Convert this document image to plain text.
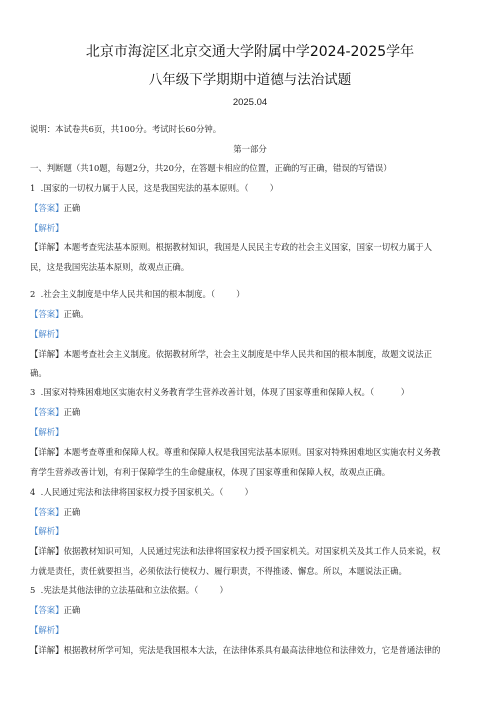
北京市海淀区北京交通大学附属中学2024-2025学年
八年级下学期期中道德与法治试题
2025.04
说明：本试卷共6页，共100分。考试时长60分钟。
第一部分
一、判断题（共10题，每题2分，共20分，在答题卡相应的位置，正确的写正确，错误的写错误）
1  .国家的一切权力属于人民，这是我国宪法的基本原则。（        ）
【答案】正确
【解析】
【详解】本题考查宪法基本原则。根据教材知识，我国是人民民主专政的社会主义国家，国家一切权力属于人
民，这是我国宪法基本原则，故观点正确。
2  .社会主义制度是中华人民共和国的根本制度。（        ）
【答案】正确。
【解析】
【详解】本题考查社会主义制度。依据教材所学，社会主义制度是中华人民共和国的根本制度，故题文说法正
确。
3  .国家对特殊困难地区实施农村义务教育学生营养改善计划，体现了国家尊重和保障人权。（          ）
【答案】正确
【解析】
【详解】本题考查尊重和保障人权。尊重和保障人权是我国宪法基本原则。国家对特殊困难地区实施农村义务教
育学生营养改善计划，有利于保障学生的生命健康权，体现了国家尊重和保障人权，故观点正确。
4  .人民通过宪法和法律将国家权力授予国家机关。（        ）
【答案】正确
【解析】
【详解】依据教材知识可知，人民通过宪法和法律将国家权力授予国家机关。对国家机关及其工作人员来说，权
力就是责任，责任就要担当，必须依法行使权力、履行职责，不得推诿、懈怠。所以，本题说法正确。
5  .宪法是其他法律的立法基础和立法依据。（        ）
【答案】正确
【解析】
【详解】根据教材所学可知，宪法是我国根本大法，在法律体系具有最高法律地位和法律效力，它是普通法律的
